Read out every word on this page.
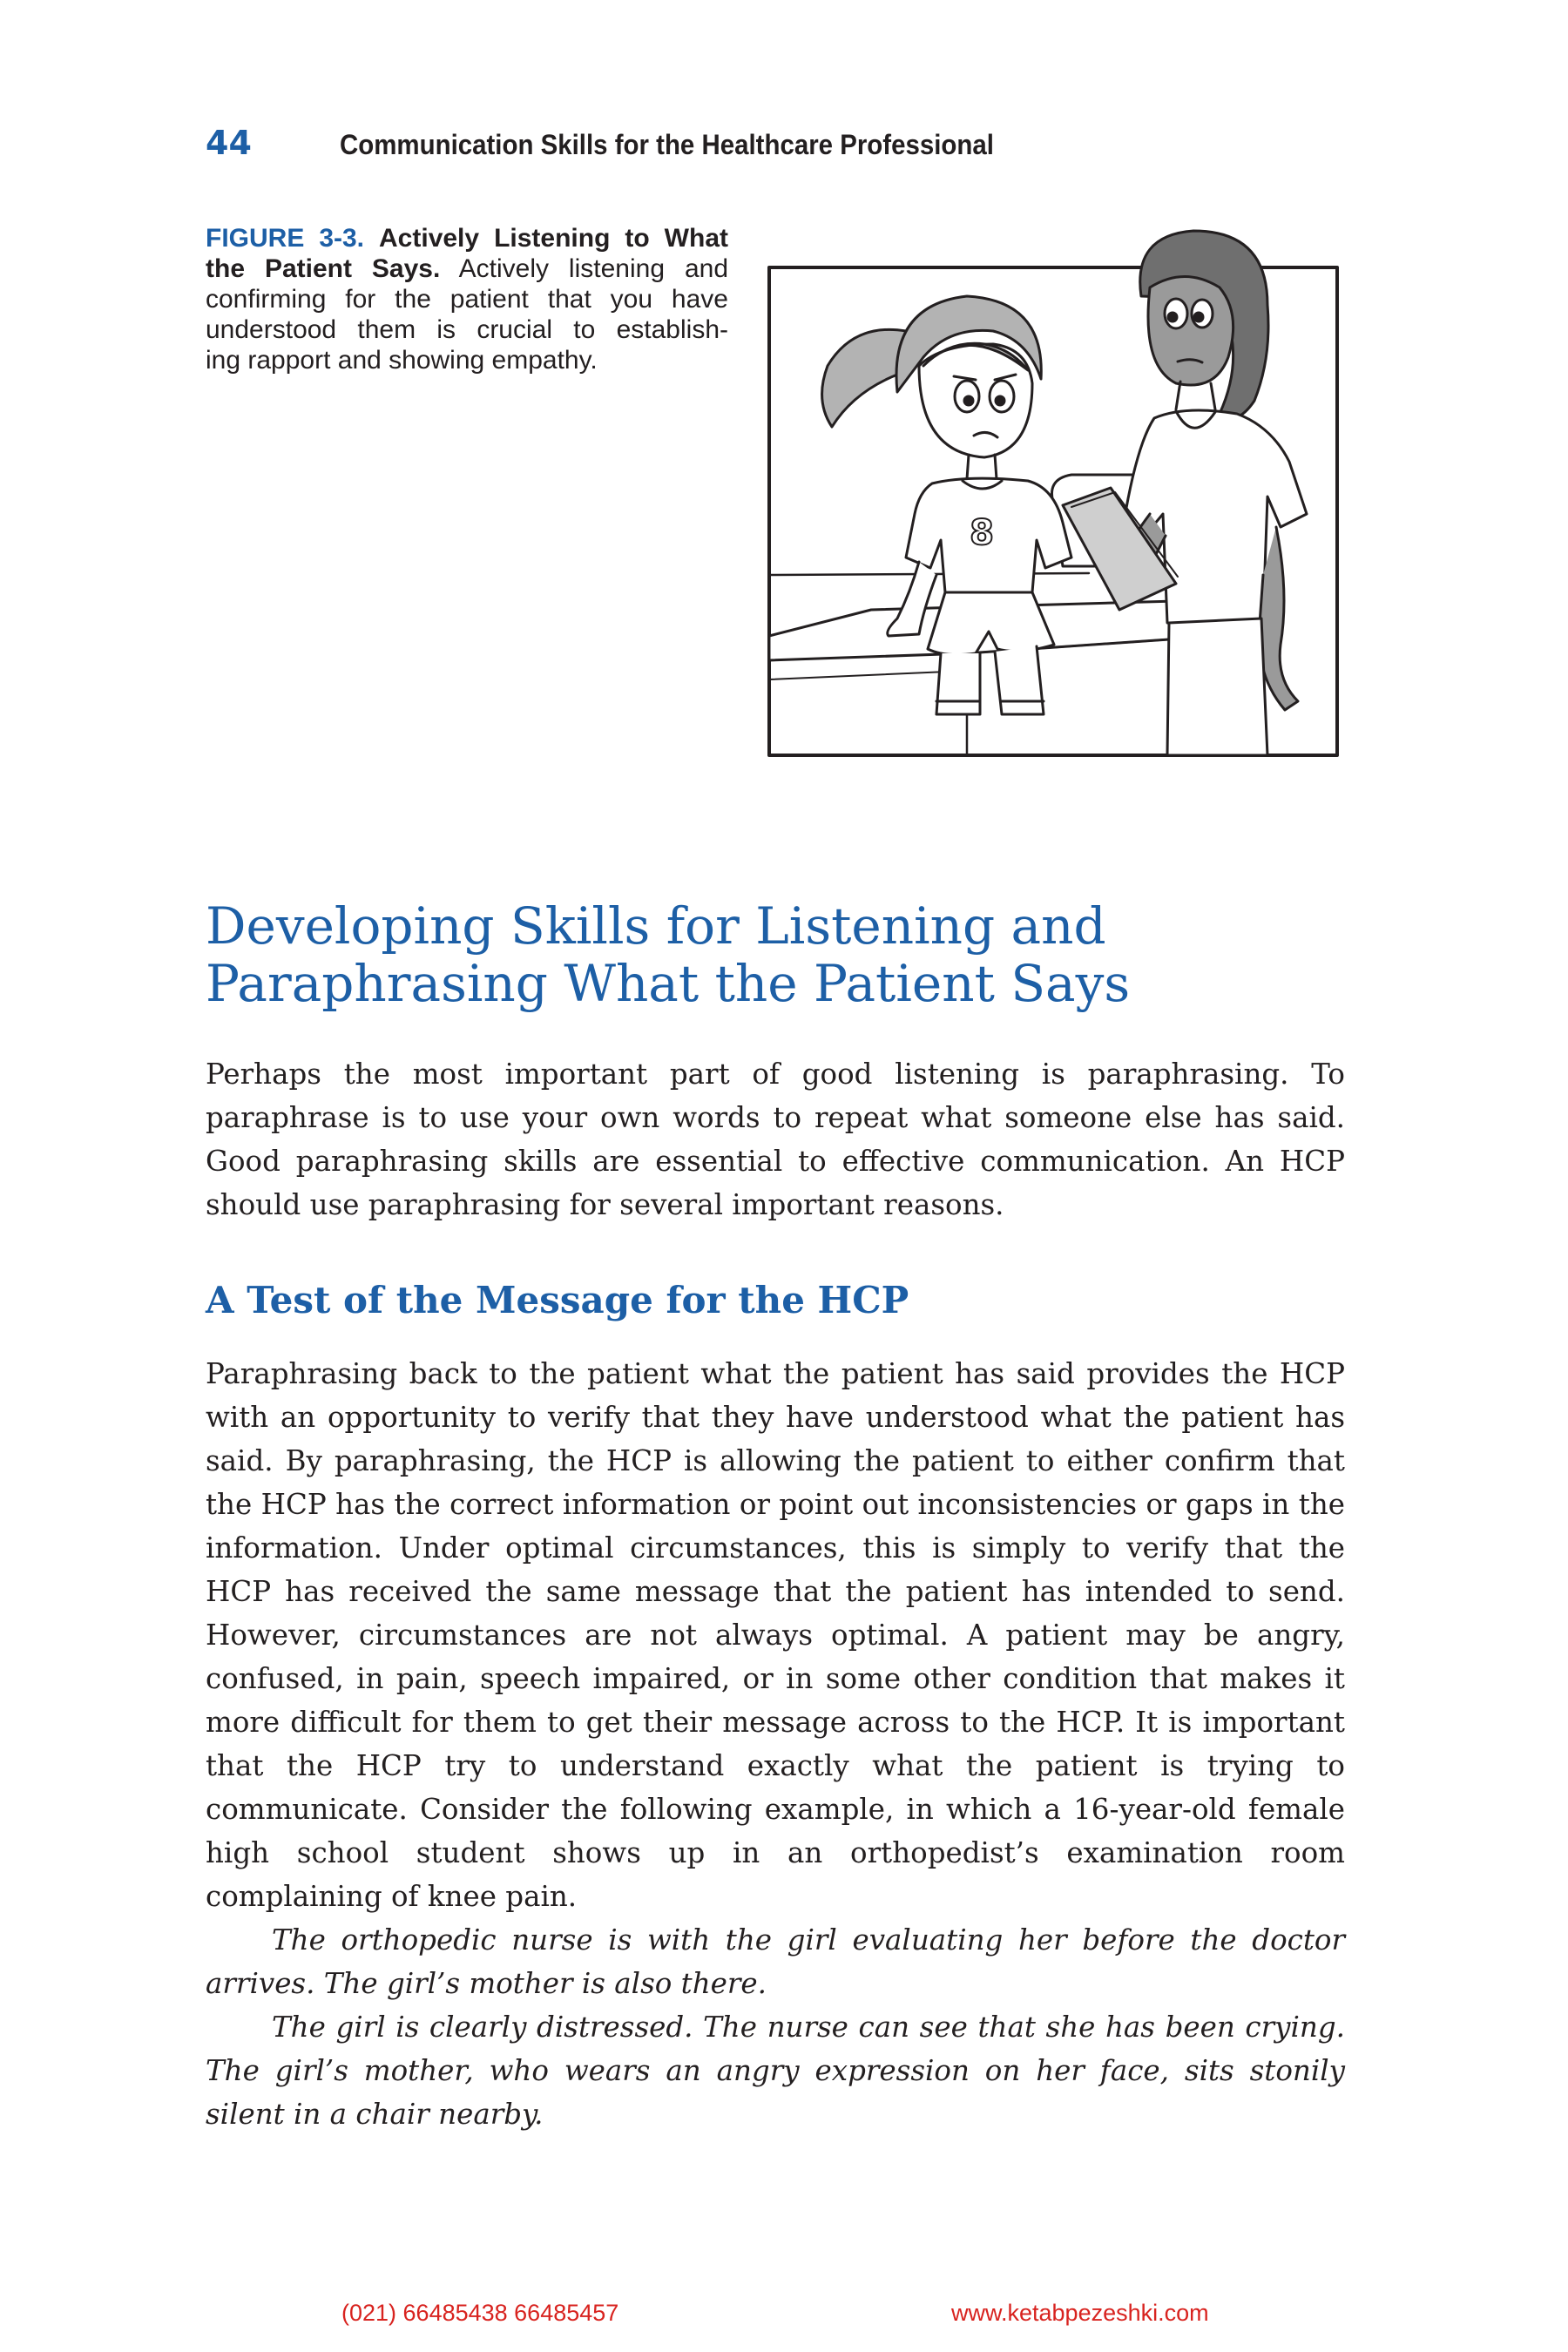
44	Communication Skills for the Healthcare Professional
FIGURE 3-3. Actively Listening to What
the Patient Says. Actively listening and
confirming for the patient that you have
understood them is crucial to establish-
ing rapport and showing empathy.
8
Developing Skills for Listening and
Paraphrasing What the Patient Says

Perhaps the most important part of good listening is paraphrasing. To paraphrase is to use your own words to repeat what someone else has said. Good paraphrasing skills are essential to effective communication. An HCP should use paraphrasing for several important reasons.

A Test of the Message for the HCP

Paraphrasing back to the patient what the patient has said provides the HCP with an opportunity to verify that they have understood what the patient has said. By paraphrasing, the HCP is allowing the patient to either confirm that the HCP has the correct information or point out inconsistencies or gaps in the information. Under optimal circumstances, this is simply to verify that the HCP has received the same message that the patient has intended to send. However, circumstances are not always optimal. A patient may be angry, confused, in pain, speech impaired, or in some other condition that makes it more difficult for them to get their message across to the HCP. It is important that the HCP try to understand exactly what the patient is trying to communicate. Consider the following example, in which a 16-year-old female high school student shows up in an orthopedist’s examination room complaining of knee pain.

The orthopedic nurse is with the girl evaluating her before the doctor arrives. The girl’s mother is also there.

The girl is clearly distressed. The nurse can see that she has been crying. The girl’s mother, who wears an angry expression on her face, sits stonily silent in a chair nearby.

(021) 66485438 66485457	www.ketabpezeshki.com
